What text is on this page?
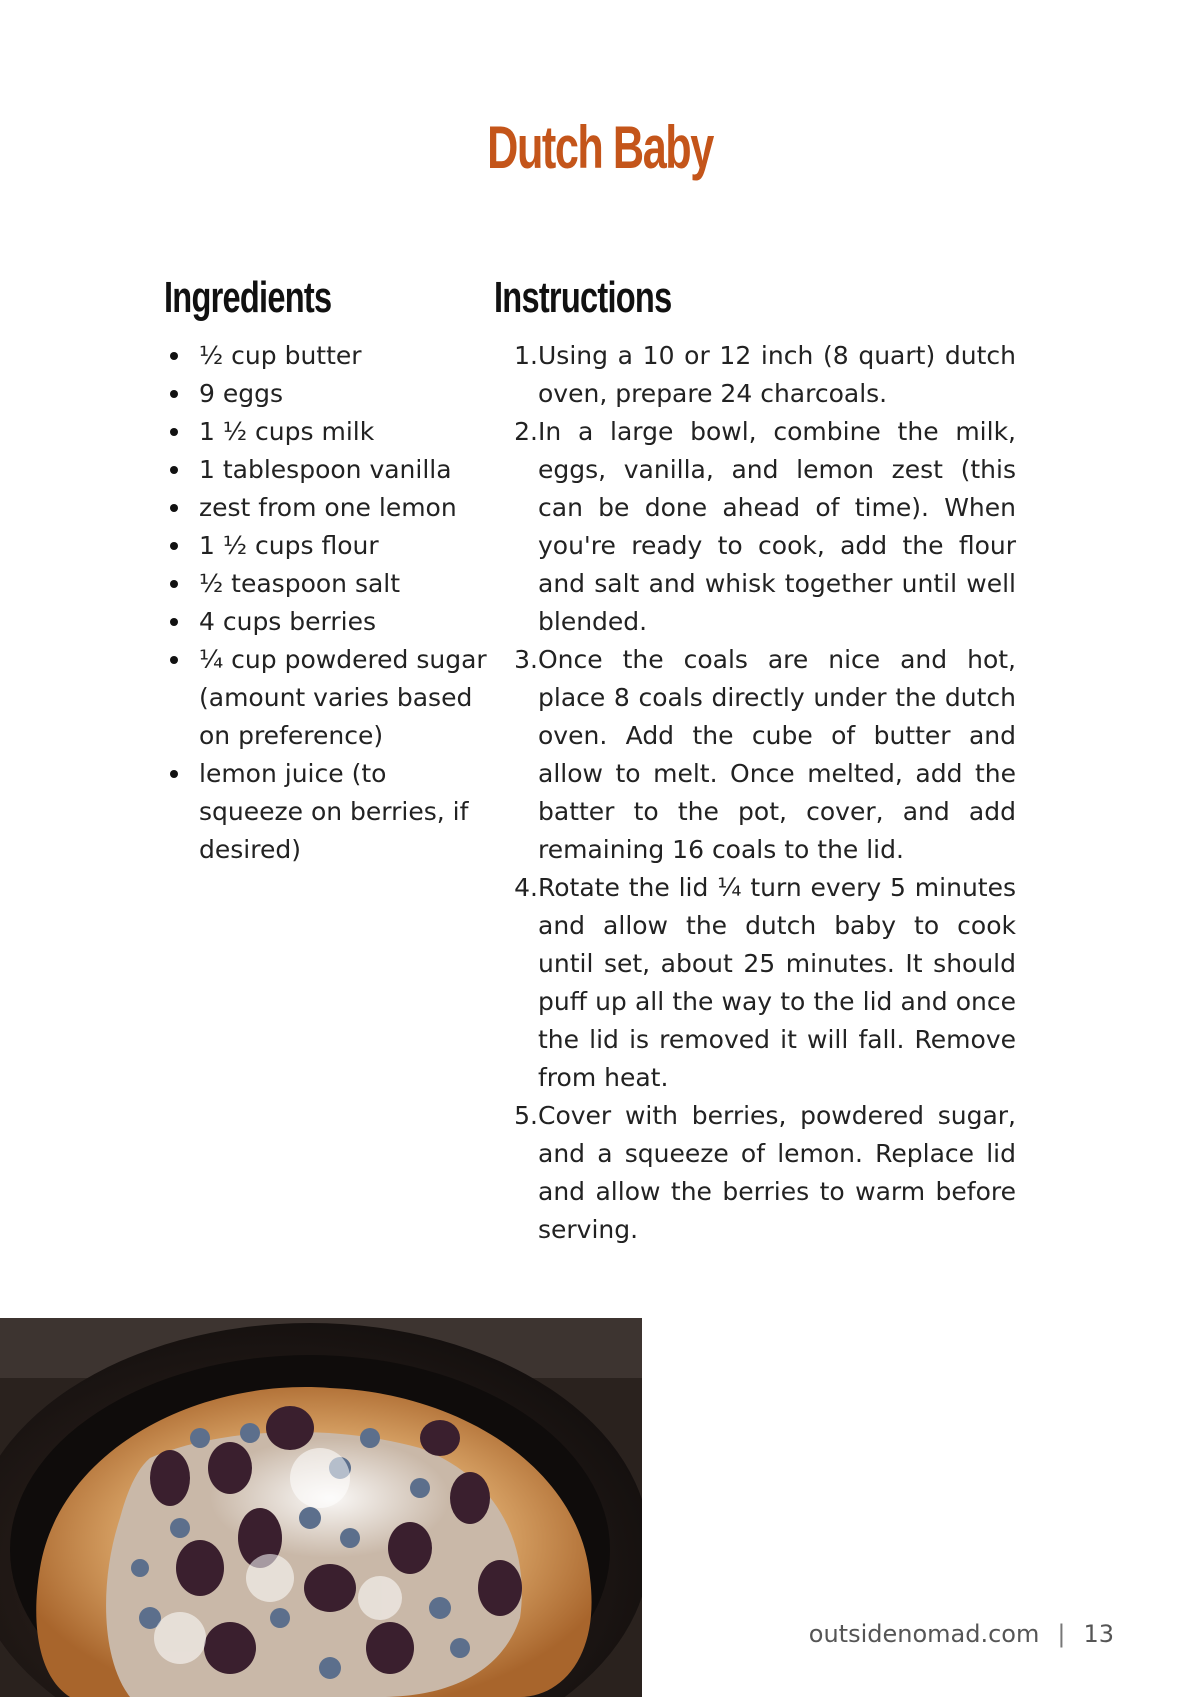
Dutch Baby
Ingredients	Instructions
½ cup butter
9 eggs
1 ½ cups milk
1 tablespoon vanilla
zest from one lemon
1 ½ cups flour
½ teaspoon salt
4 cups berries
¼ cup powdered sugar (amount varies based on preference)
lemon juice (to squeeze on berries, if desired)
1. Using a 10 or 12 inch (8 quart) dutch oven, prepare 24 charcoals.
2. In a large bowl, combine the milk, eggs, vanilla, and lemon zest (this can be done ahead of time). When you're ready to cook, add the flour and salt and whisk together until well blended.
3. Once the coals are nice and hot, place 8 coals directly under the dutch oven. Add the cube of butter and allow to melt. Once melted, add the batter to the pot, cover, and add remaining 16 coals to the lid.
4. Rotate the lid ¼ turn every 5 minutes and allow the dutch baby to cook until set, about 25 minutes. It should puff up all the way to the lid and once the lid is removed it will fall. Remove from heat.
5. Cover with berries, powdered sugar, and a squeeze of lemon. Replace lid and allow the berries to warm before serving.
outsidenomad.com | 13
